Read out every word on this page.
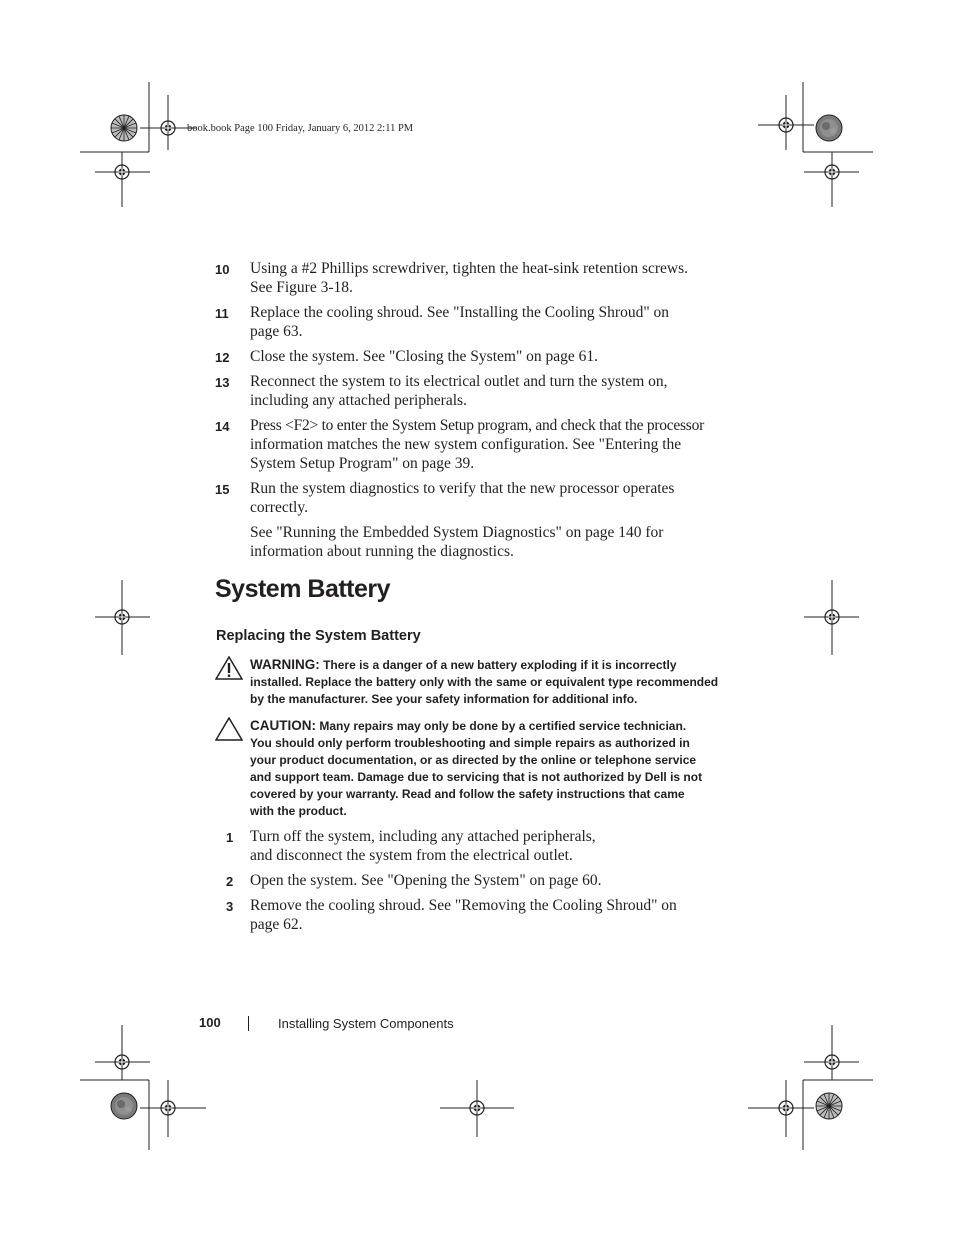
book.book Page 100 Friday, January 6, 2012 2:11 PM
10	Using a #2 Phillips screwdriver, tighten the heat-sink retention screws.
See Figure 3-18.
11	Replace the cooling shroud. See "Installing the Cooling Shroud" on
page 63.
12	Close the system. See "Closing the System" on page 61.
13	Reconnect the system to its electrical outlet and turn the system on,
including any attached peripherals.
14	Press <F2> to enter the System Setup program, and check that the processor
information matches the new system configuration. See "Entering the
System Setup Program" on page 39.
15	Run the system diagnostics to verify that the new processor operates
correctly.
See "Running the Embedded System Diagnostics" on page 140 for
information about running the diagnostics.
System Battery
Replacing the System Battery
WARNING: There is a danger of a new battery exploding if it is incorrectly
installed. Replace the battery only with the same or equivalent type recommended
by the manufacturer. See your safety information for additional info.
CAUTION: Many repairs may only be done by a certified service technician.
You should only perform troubleshooting and simple repairs as authorized in
your product documentation, or as directed by the online or telephone service
and support team. Damage due to servicing that is not authorized by Dell is not
covered by your warranty. Read and follow the safety instructions that came
with the product.
1	Turn off the system, including any attached peripherals,
and disconnect the system from the electrical outlet.
2	Open the system. See "Opening the System" on page 60.
3	Remove the cooling shroud. See "Removing the Cooling Shroud" on
page 62.
100	Installing System Components
